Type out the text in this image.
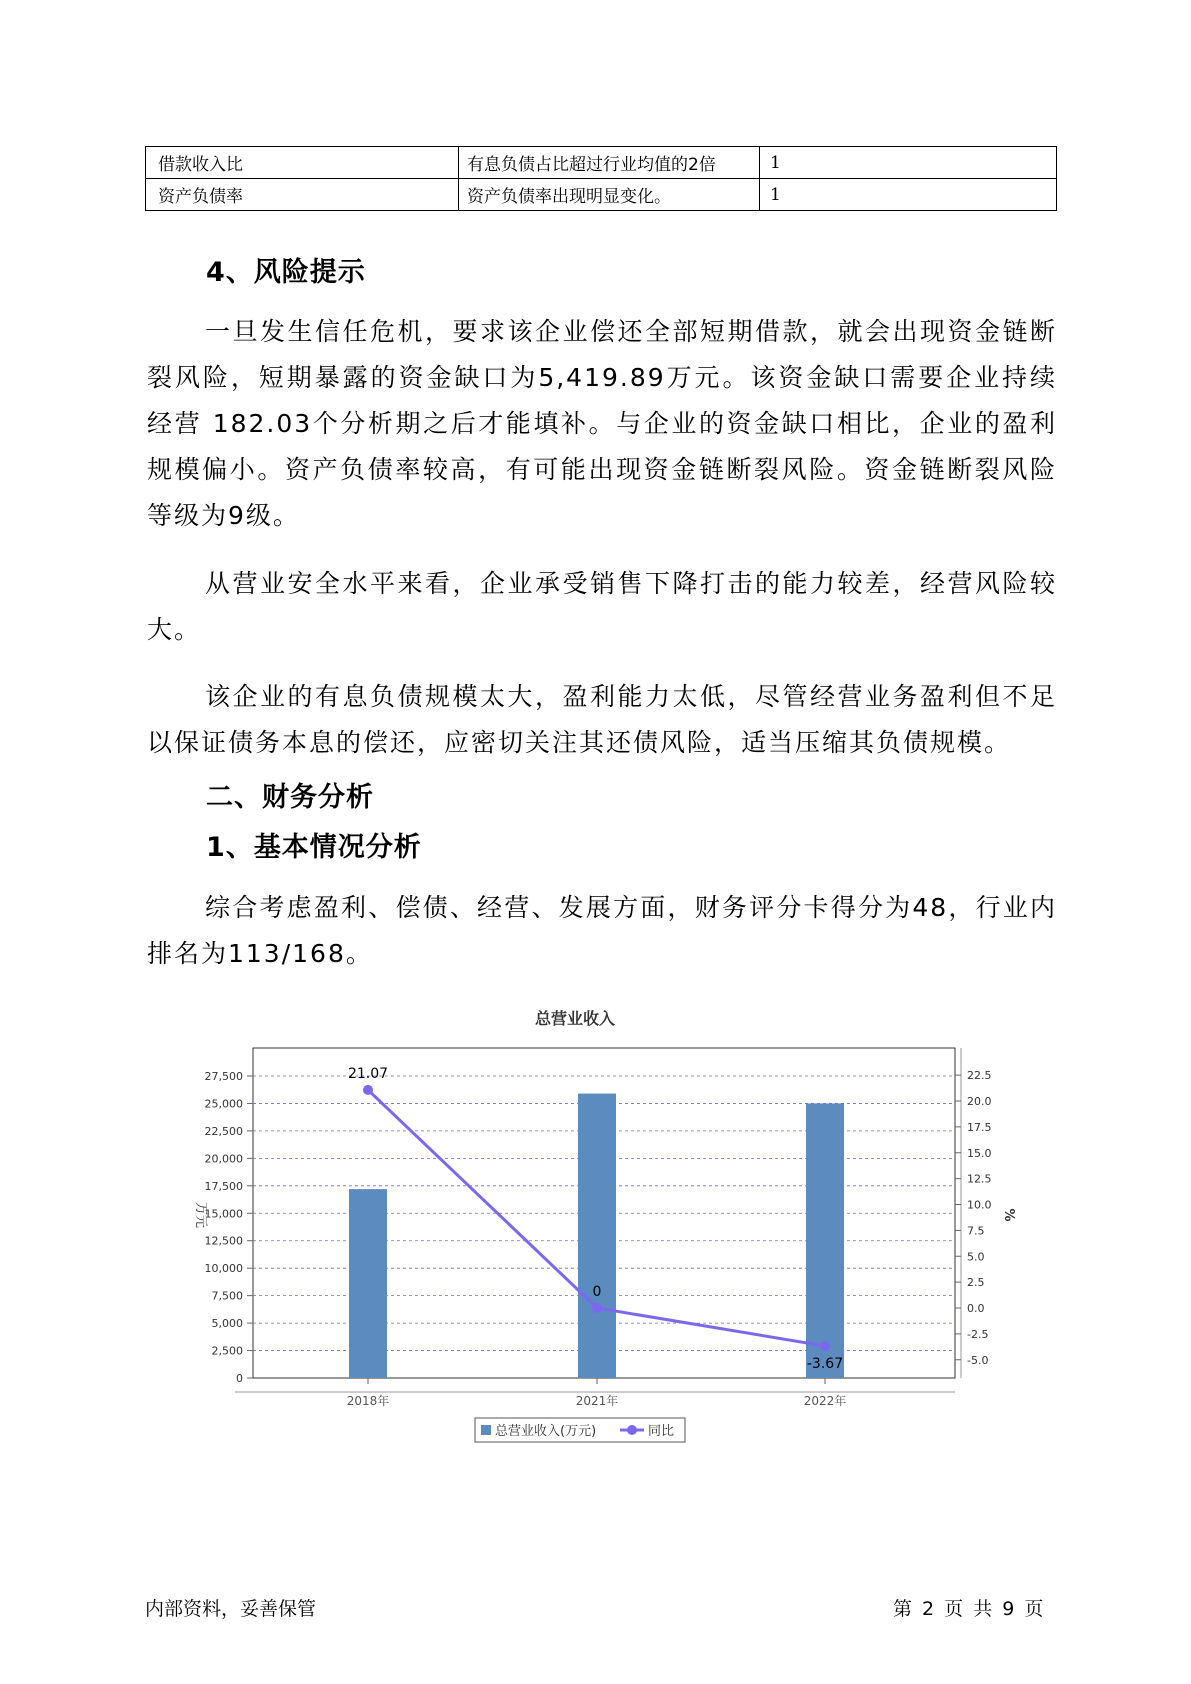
借款收入比	有息负债占比超过行业均值的2倍	1
资产负债率	资产负债率出现明显变化。	1
4、风险提示
一旦发生信任危机，要求该企业偿还全部短期借款，就会出现资金链断裂风险，短期暴露的资金缺口为5,419.89万元。该资金缺口需要企业持续经营 182.03个分析期之后才能填补。与企业的资金缺口相比，企业的盈利规模偏小。资产负债率较高，有可能出现资金链断裂风险。资金链断裂风险等级为9级。
从营业安全水平来看，企业承受销售下降打击的能力较差，经营风险较大。
该企业的有息负债规模太大，盈利能力太低，尽管经营业务盈利但不足以保证债务本息的偿还，应密切关注其还债风险，适当压缩其负债规模。
二、财务分析
1、基本情况分析
综合考虑盈利、偿债、经营、发展方面，财务评分卡得分为48，行业内排名为113/168。
总营业收入
0
2,500
5,000
7,500
10,000
12,500
15,000
17,500
20,000
22,500
25,000
27,500
-5.0
-2.5
0.0
2.5
5.0
7.5
10.0
12.5
15.0
17.5
20.0
22.5
万元	%
2018年	2021年	2022年
21.07
0
-3.67
总营业收入(万元)	同比
内部资料，妥善保管	第 2 页 共 9 页
